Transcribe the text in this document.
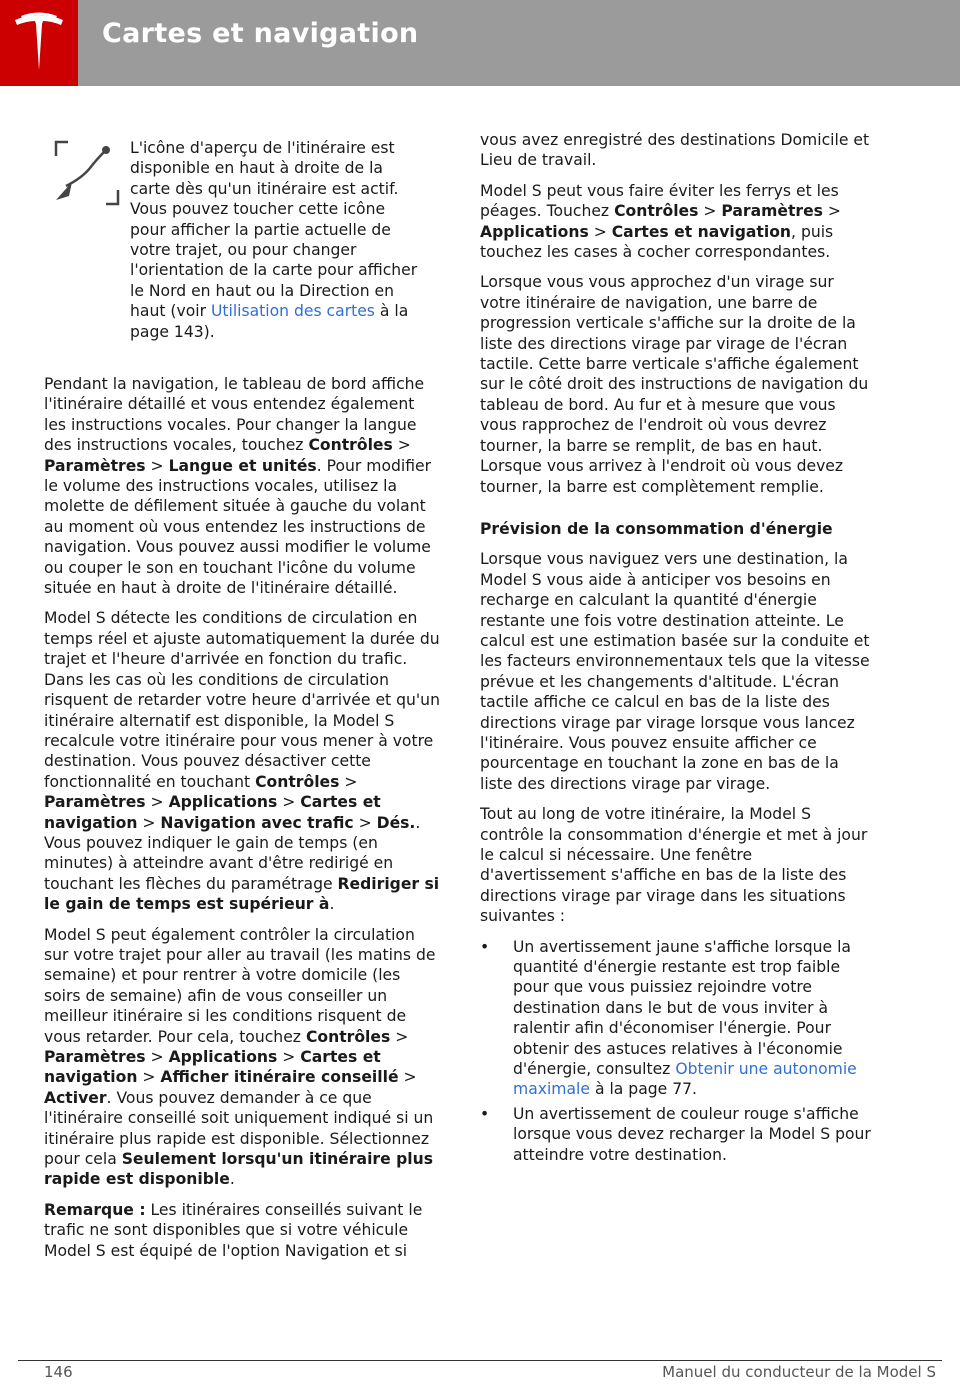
Cartes et navigation

L'icône d'aperçu de l'itinéraire est disponible en haut à droite de la carte dès qu'un itinéraire est actif. Vous pouvez toucher cette icône pour afficher la partie actuelle de votre trajet, ou pour changer l'orientation de la carte pour afficher le Nord en haut ou la Direction en haut (voir Utilisation des cartes à la page 143).

Pendant la navigation, le tableau de bord affiche l'itinéraire détaillé et vous entendez également les instructions vocales. Pour changer la langue des instructions vocales, touchez Contrôles > Paramètres > Langue et unités. Pour modifier le volume des instructions vocales, utilisez la molette de défilement située à gauche du volant au moment où vous entendez les instructions de navigation. Vous pouvez aussi modifier le volume ou couper le son en touchant l'icône du volume située en haut à droite de l'itinéraire détaillé.

Model S détecte les conditions de circulation en temps réel et ajuste automatiquement la durée du trajet et l'heure d'arrivée en fonction du trafic. Dans les cas où les conditions de circulation risquent de retarder votre heure d'arrivée et qu'un itinéraire alternatif est disponible, la Model S recalcule votre itinéraire pour vous mener à votre destination. Vous pouvez désactiver cette fonctionnalité en touchant Contrôles > Paramètres > Applications > Cartes et navigation > Navigation avec trafic > Dés.. Vous pouvez indiquer le gain de temps (en minutes) à atteindre avant d'être redirigé en touchant les flèches du paramétrage Rediriger si le gain de temps est supérieur à.

Model S peut également contrôler la circulation sur votre trajet pour aller au travail (les matins de semaine) et pour rentrer à votre domicile (les soirs de semaine) afin de vous conseiller un meilleur itinéraire si les conditions risquent de vous retarder. Pour cela, touchez Contrôles > Paramètres > Applications > Cartes et navigation > Afficher itinéraire conseillé > Activer. Vous pouvez demander à ce que l'itinéraire conseillé soit uniquement indiqué si un itinéraire plus rapide est disponible. Sélectionnez pour cela Seulement lorsqu'un itinéraire plus rapide est disponible.

Remarque : Les itinéraires conseillés suivant le trafic ne sont disponibles que si votre véhicule Model S est équipé de l'option Navigation et si

vous avez enregistré des destinations Domicile et Lieu de travail.

Model S peut vous faire éviter les ferrys et les péages. Touchez Contrôles > Paramètres > Applications > Cartes et navigation, puis touchez les cases à cocher correspondantes.

Lorsque vous vous approchez d'un virage sur votre itinéraire de navigation, une barre de progression verticale s'affiche sur la droite de la liste des directions virage par virage de l'écran tactile. Cette barre verticale s'affiche également sur le côté droit des instructions de navigation du tableau de bord. Au fur et à mesure que vous vous rapprochez de l'endroit où vous devrez tourner, la barre se remplit, de bas en haut. Lorsque vous arrivez à l'endroit où vous devez tourner, la barre est complètement remplie.

Prévision de la consommation d'énergie

Lorsque vous naviguez vers une destination, la Model S vous aide à anticiper vos besoins en recharge en calculant la quantité d'énergie restante une fois votre destination atteinte. Le calcul est une estimation basée sur la conduite et les facteurs environnementaux tels que la vitesse prévue et les changements d'altitude. L'écran tactile affiche ce calcul en bas de la liste des directions virage par virage lorsque vous lancez l'itinéraire. Vous pouvez ensuite afficher ce pourcentage en touchant la zone en bas de la liste des directions virage par virage.

Tout au long de votre itinéraire, la Model S contrôle la consommation d'énergie et met à jour le calcul si nécessaire. Une fenêtre d'avertissement s'affiche en bas de la liste des directions virage par virage dans les situations suivantes :

• Un avertissement jaune s'affiche lorsque la quantité d'énergie restante est trop faible pour que vous puissiez rejoindre votre destination dans le but de vous inviter à ralentir afin d'économiser l'énergie. Pour obtenir des astuces relatives à l'économie d'énergie, consultez Obtenir une autonomie maximale à la page 77.
• Un avertissement de couleur rouge s'affiche lorsque vous devez recharger la Model S pour atteindre votre destination.
146	Manuel du conducteur de la Model S
